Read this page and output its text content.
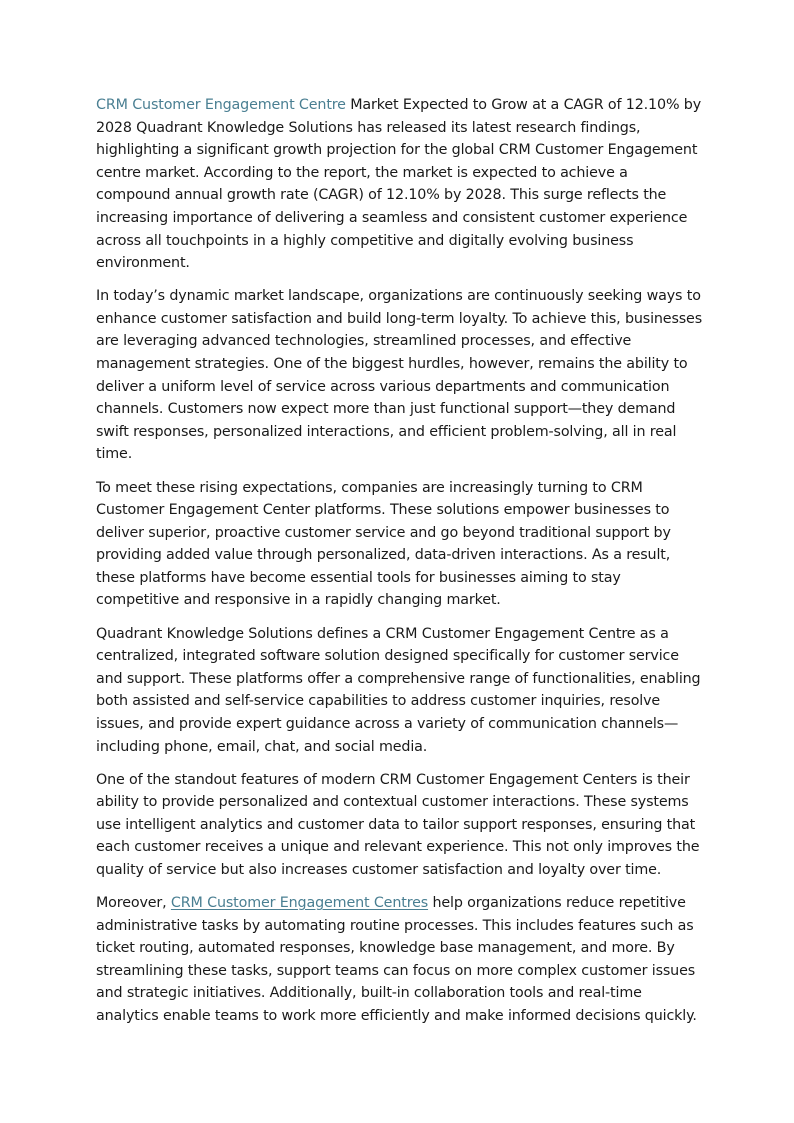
CRM Customer Engagement Centre Market Expected to Grow at a CAGR of 12.10% by 2028 Quadrant Knowledge Solutions has released its latest research findings, highlighting a significant growth projection for the global CRM Customer Engagement centre market. According to the report, the market is expected to achieve a compound annual growth rate (CAGR) of 12.10% by 2028. This surge reflects the increasing importance of delivering a seamless and consistent customer experience across all touchpoints in a highly competitive and digitally evolving business environment.

In today’s dynamic market landscape, organizations are continuously seeking ways to enhance customer satisfaction and build long-term loyalty. To achieve this, businesses are leveraging advanced technologies, streamlined processes, and effective management strategies. One of the biggest hurdles, however, remains the ability to deliver a uniform level of service across various departments and communication channels. Customers now expect more than just functional support—they demand swift responses, personalized interactions, and efficient problem-solving, all in real time.

To meet these rising expectations, companies are increasingly turning to CRM Customer Engagement Center platforms. These solutions empower businesses to deliver superior, proactive customer service and go beyond traditional support by providing added value through personalized, data-driven interactions. As a result, these platforms have become essential tools for businesses aiming to stay competitive and responsive in a rapidly changing market.

Quadrant Knowledge Solutions defines a CRM Customer Engagement Centre as a centralized, integrated software solution designed specifically for customer service and support. These platforms offer a comprehensive range of functionalities, enabling both assisted and self-service capabilities to address customer inquiries, resolve issues, and provide expert guidance across a variety of communication channels—including phone, email, chat, and social media.

One of the standout features of modern CRM Customer Engagement Centers is their ability to provide personalized and contextual customer interactions. These systems use intelligent analytics and customer data to tailor support responses, ensuring that each customer receives a unique and relevant experience. This not only improves the quality of service but also increases customer satisfaction and loyalty over time.

Moreover, CRM Customer Engagement Centres help organizations reduce repetitive administrative tasks by automating routine processes. This includes features such as ticket routing, automated responses, knowledge base management, and more. By streamlining these tasks, support teams can focus on more complex customer issues and strategic initiatives. Additionally, built-in collaboration tools and real-time analytics enable teams to work more efficiently and make informed decisions quickly.
